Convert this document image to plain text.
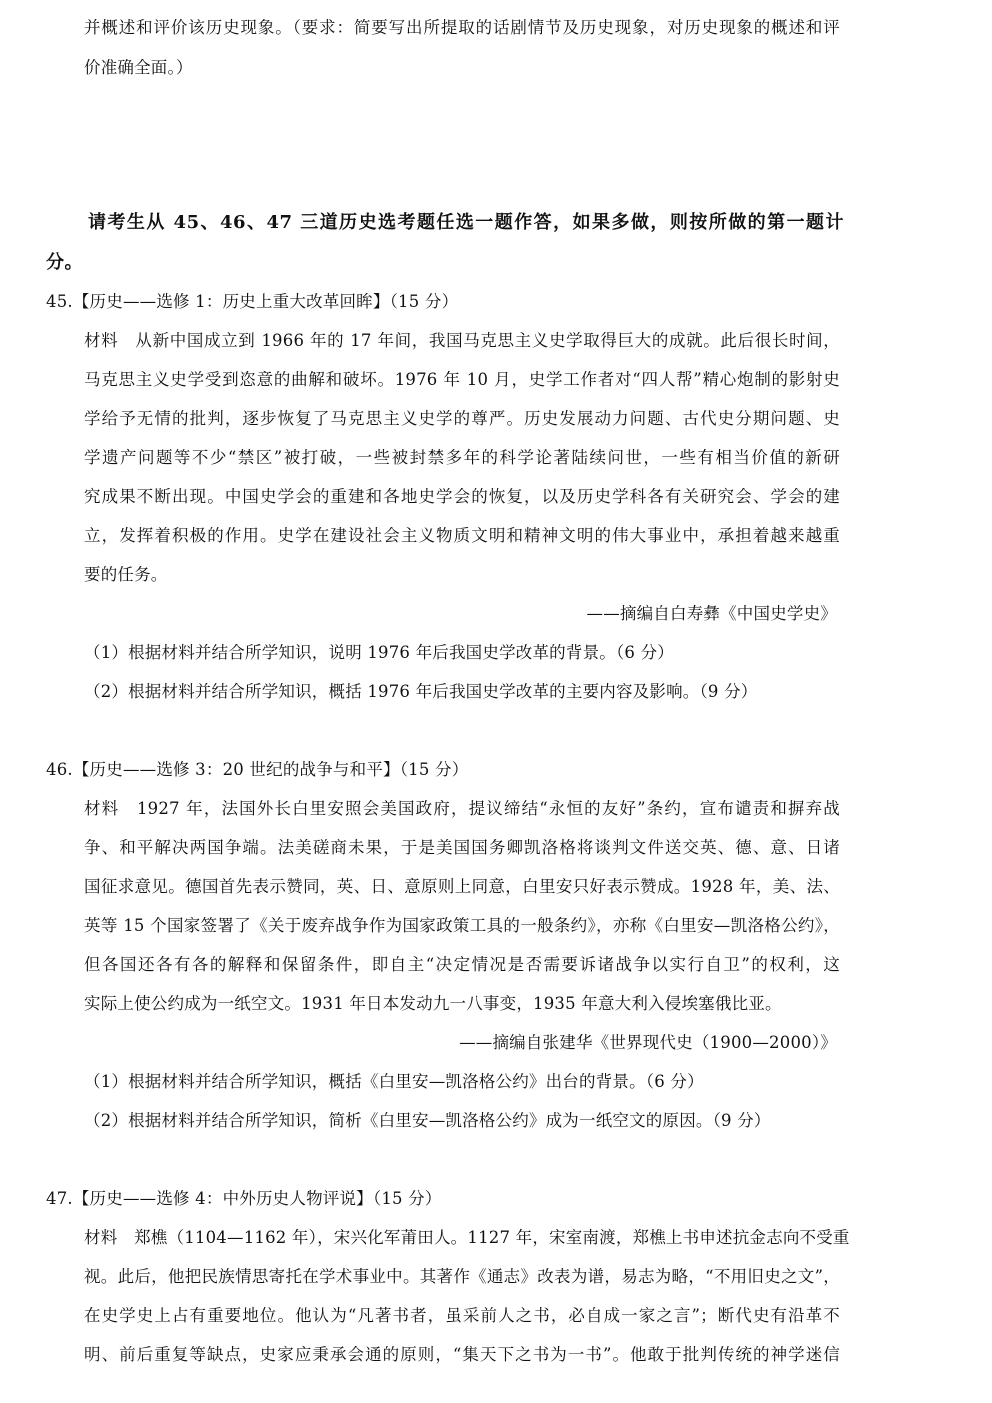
并概述和评价该历史现象。（要求：简要写出所提取的话剧情节及历史现象，对历史现象的概述和评
价准确全面。）
请考生从 45、46、47 三道历史选考题任选一题作答，如果多做，则按所做的第一题计
分。
45.【历史——选修 1：历史上重大改革回眸】（15 分）
材料　从新中国成立到 1966 年的 17 年间，我国马克思主义史学取得巨大的成就。此后很长时间，
马克思主义史学受到恣意的曲解和破坏。1976 年 10 月，史学工作者对“四人帮”精心炮制的影射史
学给予无情的批判，逐步恢复了马克思主义史学的尊严。历史发展动力问题、古代史分期问题、史
学遗产问题等不少“禁区”被打破，一些被封禁多年的科学论著陆续问世，一些有相当价值的新研
究成果不断出现。中国史学会的重建和各地史学会的恢复，以及历史学科各有关研究会、学会的建
立，发挥着积极的作用。史学在建设社会主义物质文明和精神文明的伟大事业中，承担着越来越重
要的任务。
——摘编自白寿彝《中国史学史》
（1）根据材料并结合所学知识，说明 1976 年后我国史学改革的背景。（6 分）
（2）根据材料并结合所学知识，概括 1976 年后我国史学改革的主要内容及影响。（9 分）
46.【历史——选修 3：20 世纪的战争与和平】（15 分）
材料　1927 年，法国外长白里安照会美国政府，提议缔结“永恒的友好”条约，宣布谴责和摒弃战
争、和平解决两国争端。法美磋商未果，于是美国国务卿凯洛格将谈判文件送交英、德、意、日诸
国征求意见。德国首先表示赞同，英、日、意原则上同意，白里安只好表示赞成。1928 年，美、法、
英等 15 个国家签署了《关于废弃战争作为国家政策工具的一般条约》，亦称《白里安—凯洛格公约》，
但各国还各有各的解释和保留条件，即自主“决定情况是否需要诉诸战争以实行自卫”的权利，这
实际上使公约成为一纸空文。1931 年日本发动九一八事变，1935 年意大利入侵埃塞俄比亚。
——摘编自张建华《世界现代史（1900—2000）》
（1）根据材料并结合所学知识，概括《白里安—凯洛格公约》出台的背景。（6 分）
（2）根据材料并结合所学知识，简析《白里安—凯洛格公约》成为一纸空文的原因。（9 分）
47.【历史——选修 4：中外历史人物评说】（15 分）
材料　郑樵（1104—1162 年），宋兴化军莆田人。1127 年，宋室南渡，郑樵上书申述抗金志向不受重
视。此后，他把民族情思寄托在学术事业中。其著作《通志》改表为谱，易志为略，“不用旧史之文”，
在史学史上占有重要地位。他认为“凡著书者，虽采前人之书，必自成一家之言”；断代史有沿革不
明、前后重复等缺点，史家应秉承会通的原则，“集天下之书为一书”。他敢于批判传统的神学迷信
